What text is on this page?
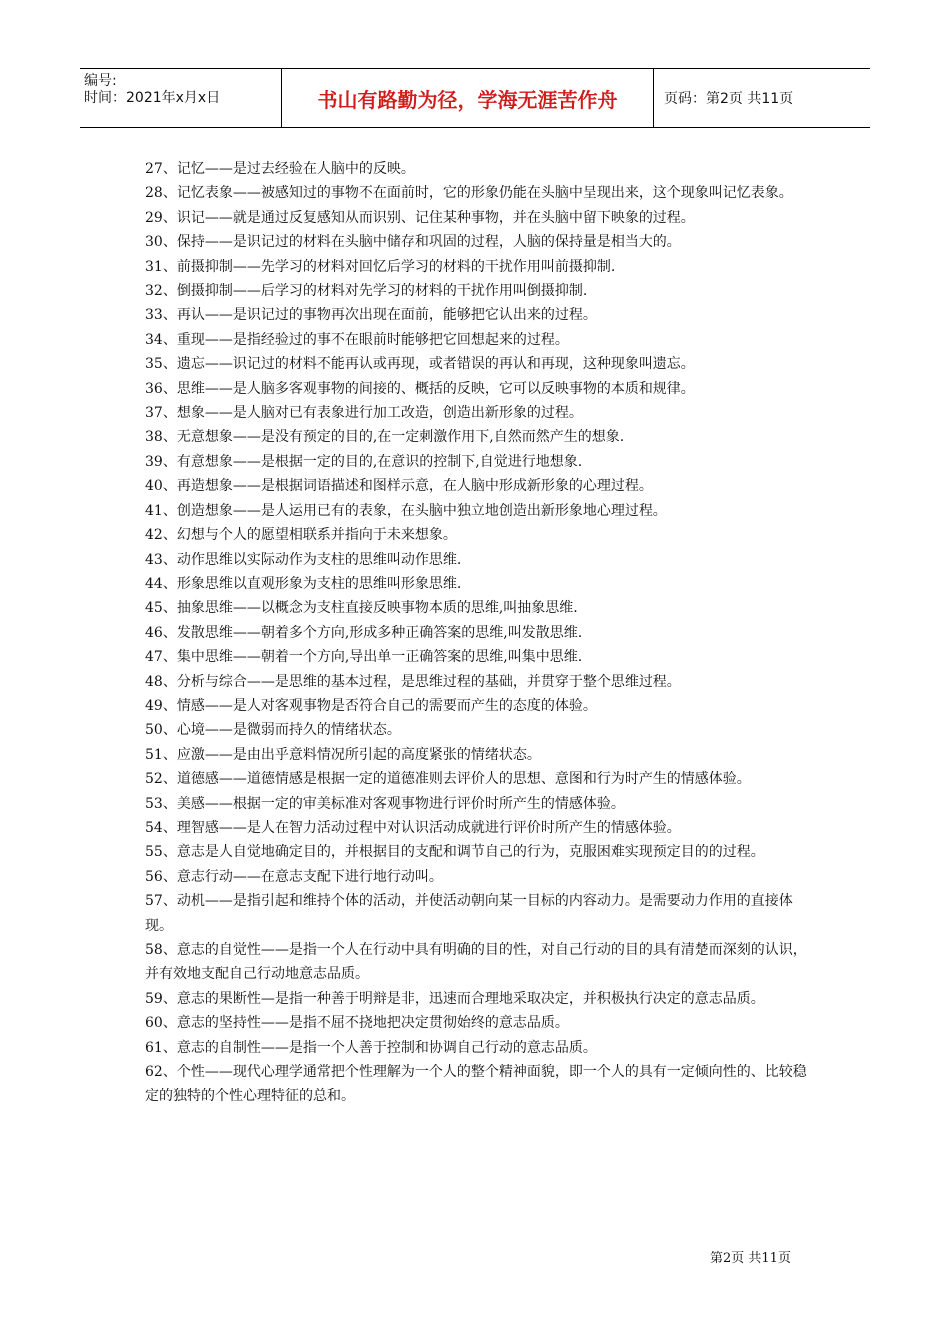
编号:
时间：2021年x月x日	书山有路勤为径，学海无涯苦作舟	页码：第2页 共11页

27、记忆——是过去经验在人脑中的反映。

28、记忆表象——被感知过的事物不在面前时，它的形象仍能在头脑中呈现出来，这个现象叫记忆表象。

29、识记——就是通过反复感知从而识别、记住某种事物，并在头脑中留下映象的过程。

30、保持——是识记过的材料在头脑中储存和巩固的过程，人脑的保持量是相当大的。

31、前摄抑制——先学习的材料对回忆后学习的材料的干扰作用叫前摄抑制.

32、倒摄抑制——后学习的材料对先学习的材料的干扰作用叫倒摄抑制.

33、再认——是识记过的事物再次出现在面前，能够把它认出来的过程。

34、重现——是指经验过的事不在眼前时能够把它回想起来的过程。

35、遗忘——识记过的材料不能再认或再现，或者错误的再认和再现，这种现象叫遗忘。

36、思维——是人脑多客观事物的间接的、概括的反映，它可以反映事物的本质和规律。

37、想象——是人脑对已有表象进行加工改造，创造出新形象的过程。

38、无意想象——是没有预定的目的,在一定刺激作用下,自然而然产生的想象.

39、有意想象——是根据一定的目的,在意识的控制下,自觉进行地想象.

40、再造想象——是根据词语描述和图样示意，在人脑中形成新形象的心理过程。

41、创造想象——是人运用已有的表象，在头脑中独立地创造出新形象地心理过程。

42、幻想与个人的愿望相联系并指向于未来想象。

43、动作思维以实际动作为支柱的思维叫动作思维.

44、形象思维以直观形象为支柱的思维叫形象思维.

45、抽象思维——以概念为支柱直接反映事物本质的思维,叫抽象思维.

46、发散思维——朝着多个方向,形成多种正确答案的思维,叫发散思维.

47、集中思维——朝着一个方向,导出单一正确答案的思维,叫集中思维.

48、分析与综合——是思维的基本过程，是思维过程的基础，并贯穿于整个思维过程。

49、情感——是人对客观事物是否符合自己的需要而产生的态度的体验。

50、心境——是微弱而持久的情绪状态。

51、应激——是由出乎意料情况所引起的高度紧张的情绪状态。

52、道德感——道德情感是根据一定的道德准则去评价人的思想、意图和行为时产生的情感体验。

53、美感——根据一定的审美标准对客观事物进行评价时所产生的情感体验。

54、理智感——是人在智力活动过程中对认识活动成就进行评价时所产生的情感体验。

55、意志是人自觉地确定目的，并根据目的支配和调节自己的行为，克服困难实现预定目的的过程。

56、意志行动——在意志支配下进行地行动叫。

57、动机——是指引起和维持个体的活动，并使活动朝向某一目标的内容动力。是需要动力作用的直接体现。

58、意志的自觉性——是指一个人在行动中具有明确的目的性，对自己行动的目的具有清楚而深刻的认识，并有效地支配自己行动地意志品质。

59、意志的果断性—是指一种善于明辩是非，迅速而合理地采取决定，并积极执行决定的意志品质。

60、意志的坚持性——是指不屈不挠地把决定贯彻始终的意志品质。

61、意志的自制性——是指一个人善于控制和协调自己行动的意志品质。

62、个性——现代心理学通常把个性理解为一个人的整个精神面貌，即一个人的具有一定倾向性的、比较稳定的独特的个性心理特征的总和。

第2页 共11页
